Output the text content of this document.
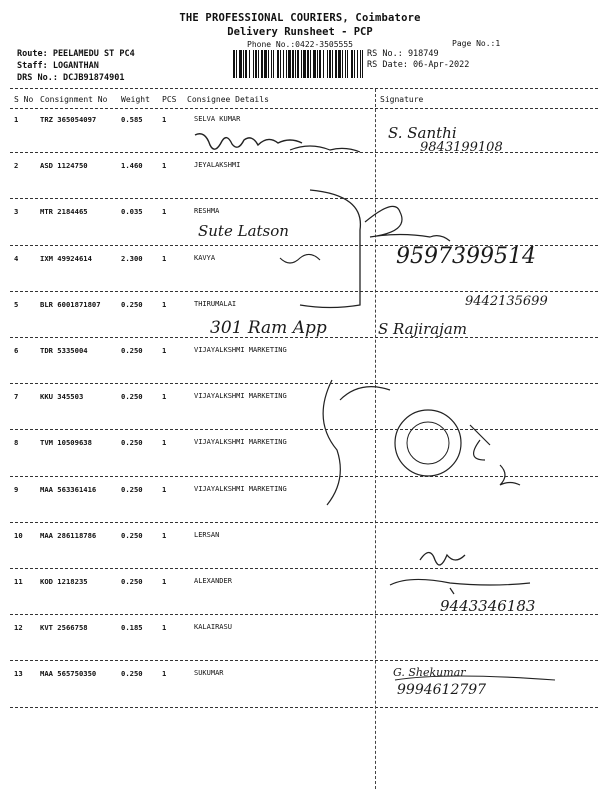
THE PROFESSIONAL COURIERS, Coimbatore
Delivery Runsheet - PCP
Phone No.:0422-3505555	Page No.:1
Route: PEELAMEDU ST PC4
Staff: LOGANTHAN
DRS No.: DCJB91874901
RS No.: 918749
RS Date: 06-Apr-2022
S No Consignment No Weight PCS Consignee Details	Signature
1	TRZ 365054097	0.585	1	SELVA KUMAR
2	ASD 1124750	1.460	1	JEYALAKSHMI
3	MTR 2184465	0.035	1	RESHMA
4	IXM 49924614	2.300	1	KAVYA
5	BLR 6001871807	0.250	1	THIRUMALAI
6	TDR 5335004	0.250	1	VIJAYALKSHMI MARKETING
7	KKU 345503	0.250	1	VIJAYALKSHMI MARKETING
8	TVM 10509638	0.250	1	VIJAYALKSHMI MARKETING
9	MAA 563361416	0.250	1	VIJAYALKSHMI MARKETING
10 MAA 286118786	0.250	1	LERSAN
11 KOD 1218235	0.250	1	ALEXANDER
12 KVT 2566758	0.185	1	KALAIRASU
13 MAA 565750350	0.250	1	SUKUMAR
S. Santhi
9843199108
Sute Latson
9597399514
9442135699
301 Ram App	S Rajirajam
9443346183
G. Shekumar
9994612797
